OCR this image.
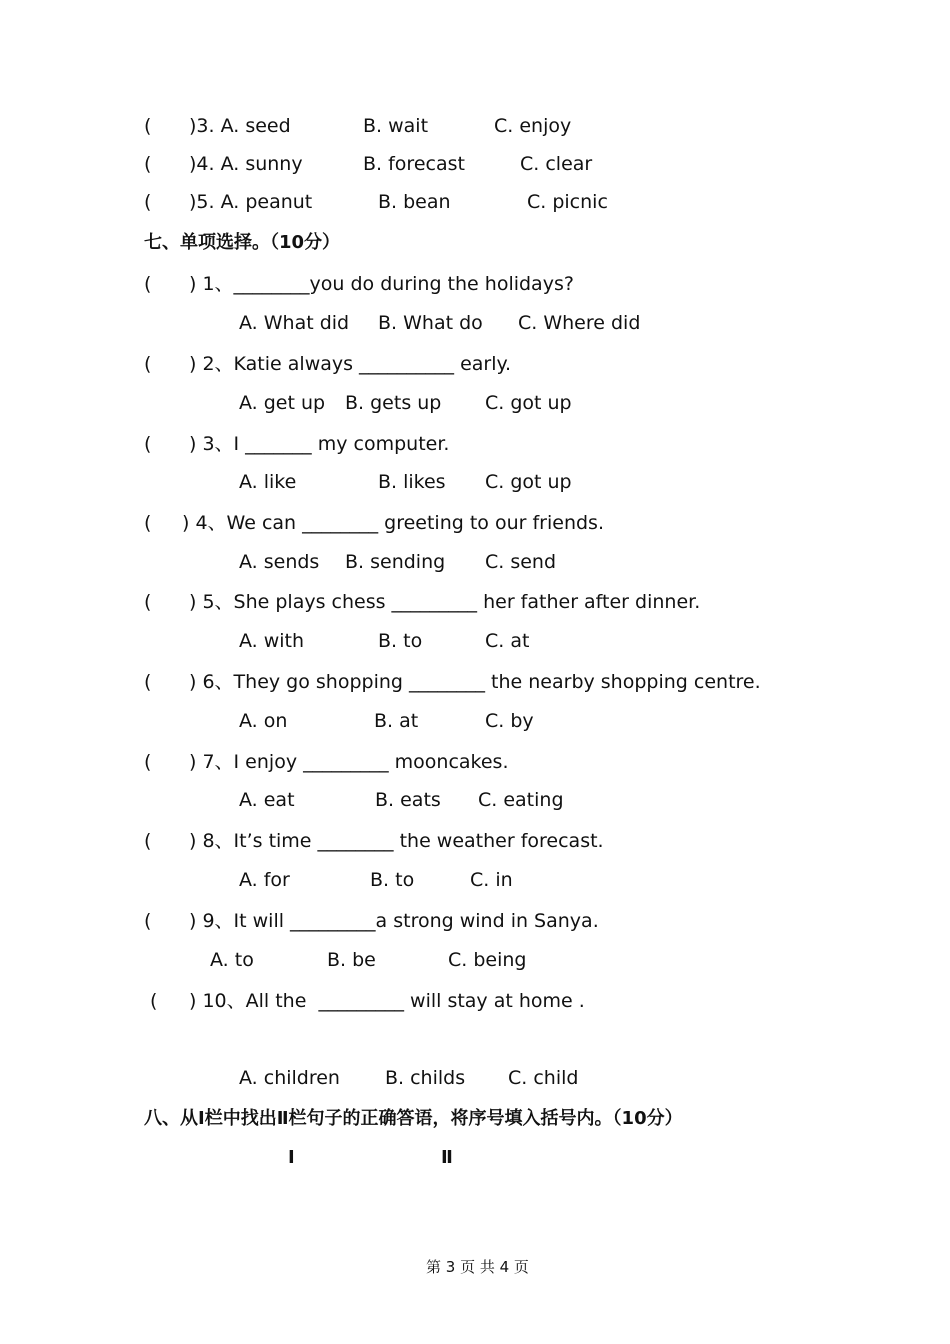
( )3. A. seed	B. wait	C. enjoy
( )4. A. sunny	B. forecast	C. clear
( )5. A. peanut	B. bean	C. picnic
七、单项选择。（10分）
( ) 1、________you do during the holidays?
A. What did B. What do C. Where did
( ) 2、Katie always __________ early.
A. get up B. gets up C. got up
( ) 3、I _______ my computer.
A. like	B. likes C. got up
( ) 4、We can ________ greeting to our friends.
A. sends B. sending C. send
( ) 5、She plays chess _________ her father after dinner.
A. with	B. to	C. at
( ) 6、They go shopping ________ the nearby shopping centre.
A. on	B. at	C. by
( ) 7、I enjoy _________ mooncakes.
A. eat	B. eats C. eating
( ) 8、It’s time ________ the weather forecast.
A. for	B. to	C. in
( ) 9、It will _________a strong wind in Sanya.
A. to	B. be	C. being
( ) 10、All the  _________ will stay at home .
A. children B. childs C. child
八、从Ⅰ栏中找出Ⅱ栏句子的正确答语，将序号填入括号内。（10分）
Ⅰ	Ⅱ
第 3 页 共 4 页
